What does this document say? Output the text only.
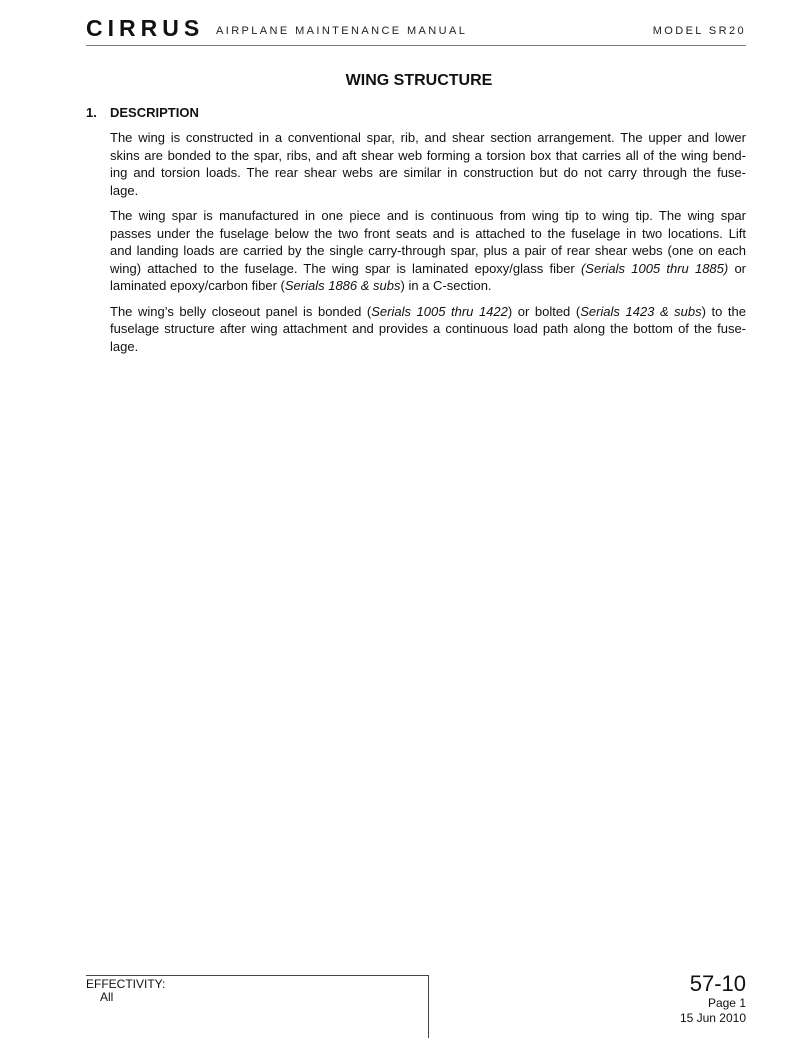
CIRRUS AIRPLANE MAINTENANCE MANUAL	MODEL SR20
WING STRUCTURE
1. DESCRIPTION

The wing is constructed in a conventional spar, rib, and shear section arrangement. The upper and lower
skins are bonded to the spar, ribs, and aft shear web forming a torsion box that carries all of the wing bend-
ing and torsion loads. The rear shear webs are similar in construction but do not carry through the fuse-
lage.

The wing spar is manufactured in one piece and is continuous from wing tip to wing tip. The wing spar
passes under the fuselage below the two front seats and is attached to the fuselage in two locations. Lift
and landing loads are carried by the single carry-through spar, plus a pair of rear shear webs (one on each
wing) attached to the fuselage. The wing spar is laminated epoxy/glass fiber (Serials 1005 thru 1885) or
laminated epoxy/carbon fiber (Serials 1886 & subs) in a C-section.

The wing’s belly closeout panel is bonded (Serials 1005 thru 1422) or bolted (Serials 1423 & subs) to the
fuselage structure after wing attachment and provides a continuous load path along the bottom of the fuse-
lage.

EFFECTIVITY:
All
57-10
Page 1
15 Jun 2010
